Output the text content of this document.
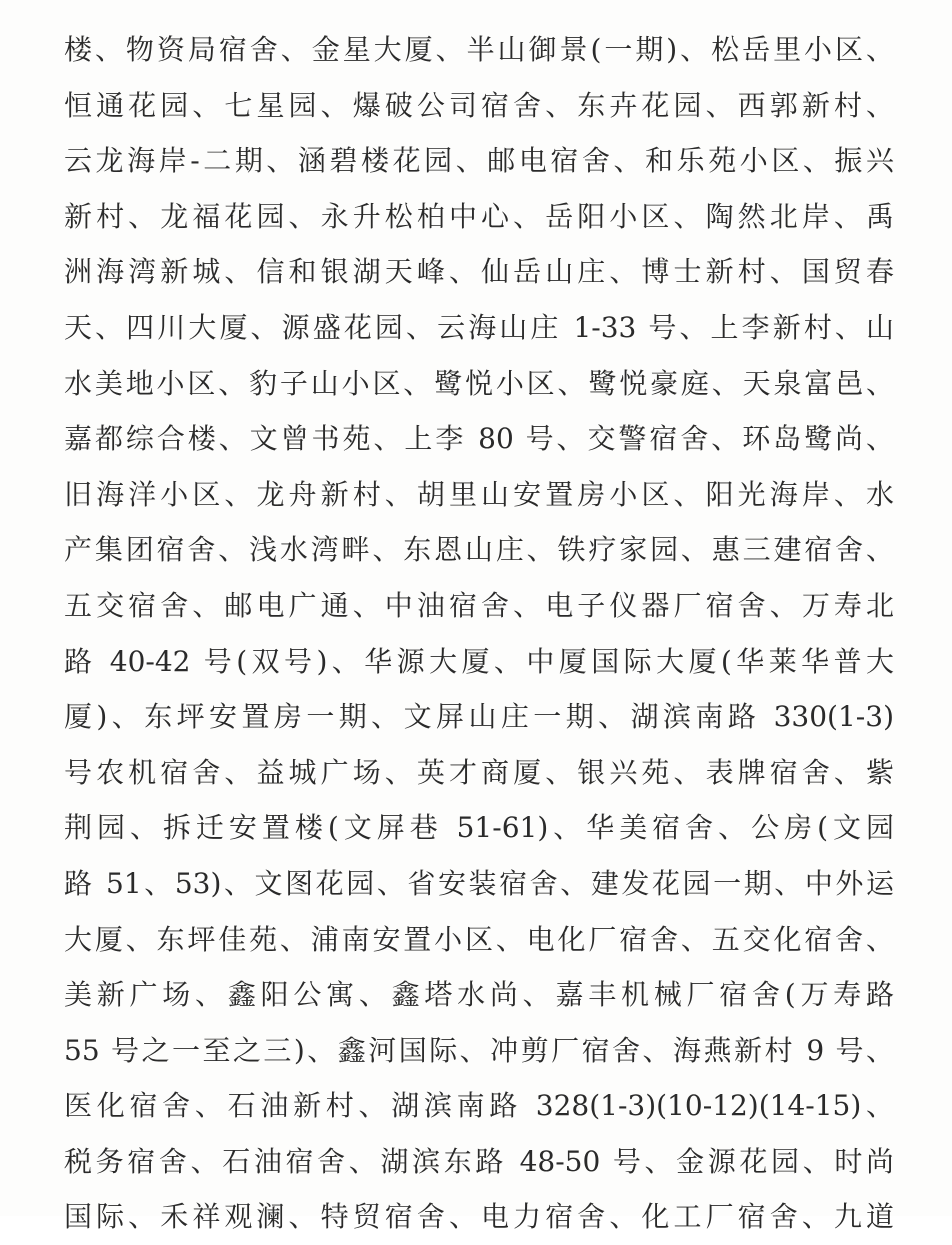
楼、物资局宿舍、金星大厦、半山御景(一期)、松岳里小区、
恒通花园、七星园、爆破公司宿舍、东卉花园、西郭新村、
云龙海岸-二期、涵碧楼花园、邮电宿舍、和乐苑小区、振兴
新村、龙福花园、永升松柏中心、岳阳小区、陶然北岸、禹
洲海湾新城、信和银湖天峰、仙岳山庄、博士新村、国贸春
天、四川大厦、源盛花园、云海山庄 1-33 号、上李新村、山
水美地小区、豹子山小区、鹭悦小区、鹭悦豪庭、天泉富邑、
嘉都综合楼、文曾书苑、上李 80 号、交警宿舍、环岛鹭尚、
旧海洋小区、龙舟新村、胡里山安置房小区、阳光海岸、水
产集团宿舍、浅水湾畔、东恩山庄、铁疗家园、惠三建宿舍、
五交宿舍、邮电广通、中油宿舍、电子仪器厂宿舍、万寿北
路 40-42 号(双号)、华源大厦、中厦国际大厦(华莱华普大
厦)、东坪安置房一期、文屏山庄一期、湖滨南路 330(1-3)
号农机宿舍、益城广场、英才商厦、银兴苑、表牌宿舍、紫
荆园、拆迁安置楼(文屏巷 51-61)、华美宿舍、公房(文园
路 51、53)、文图花园、省安装宿舍、建发花园一期、中外运
大厦、东坪佳苑、浦南安置小区、电化厂宿舍、五交化宿舍、
美新广场、鑫阳公寓、鑫塔水尚、嘉丰机械厂宿舍(万寿路
55 号之一至之三)、鑫河国际、冲剪厂宿舍、海燕新村 9 号、
医化宿舍、石油新村、湖滨南路 328(1-3)(10-12)(14-15)、
税务宿舍、石油宿舍、湖滨东路 48-50 号、金源花园、时尚
国际、禾祥观澜、特贸宿舍、电力宿舍、化工厂宿舍、九道
